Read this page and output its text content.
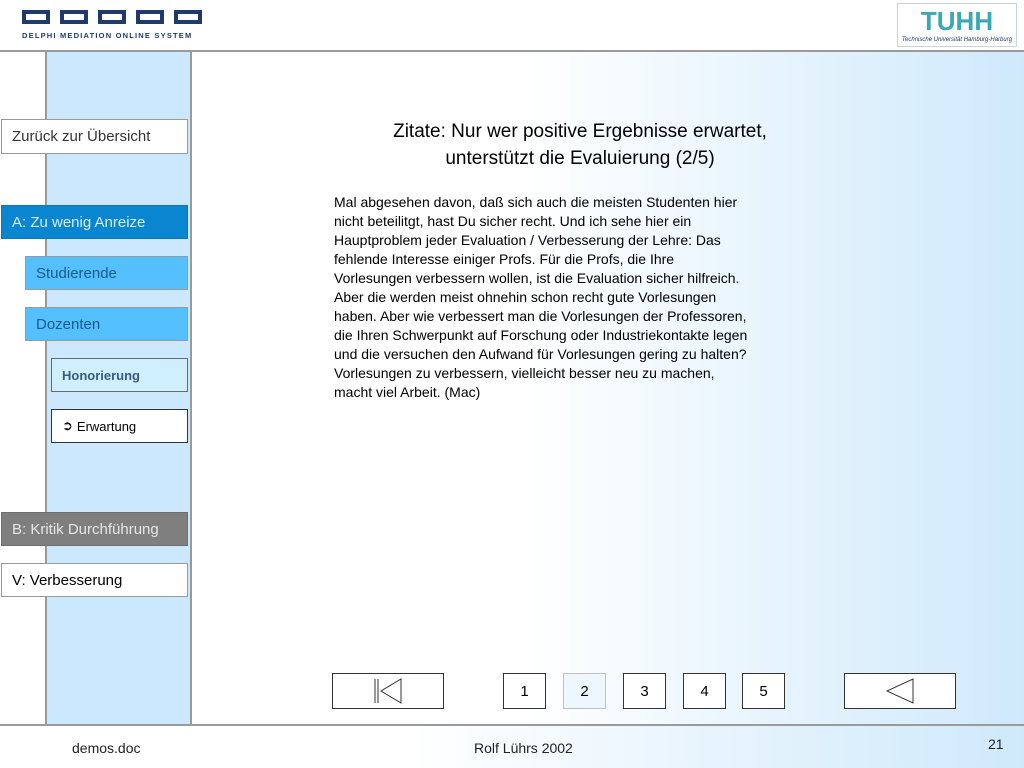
DELPHI MEDIATION ONLINE SYSTEM	TUHH
Technische Universität Hamburg-Harburg
Zurück zur Übersicht
A: Zu wenig Anreize
Studierende
Dozenten
Honorierung
➲ Erwartung
B: Kritik Durchführung
V: Verbesserung
Zitate: Nur wer positive Ergebnisse erwartet,
unterstützt die Evaluierung (2/5)
Mal abgesehen davon, daß sich auch die meisten Studenten hier
nicht beteilitgt, hast Du sicher recht. Und ich sehe hier ein
Hauptproblem jeder Evaluation / Verbesserung der Lehre: Das
fehlende Interesse einiger Profs. Für die Profs, die Ihre
Vorlesungen verbessern wollen, ist die Evaluation sicher hilfreich.
Aber die werden meist ohnehin schon recht gute Vorlesungen
haben. Aber wie verbessert man die Vorlesungen der Professoren,
die Ihren Schwerpunkt auf Forschung oder Industriekontakte legen
und die versuchen den Aufwand für Vorlesungen gering zu halten?
Vorlesungen zu verbessern, vielleicht besser neu zu machen,
macht viel Arbeit. (Mac)
1	2	3	4	5
demos.doc	Rolf Lührs 2002	21
